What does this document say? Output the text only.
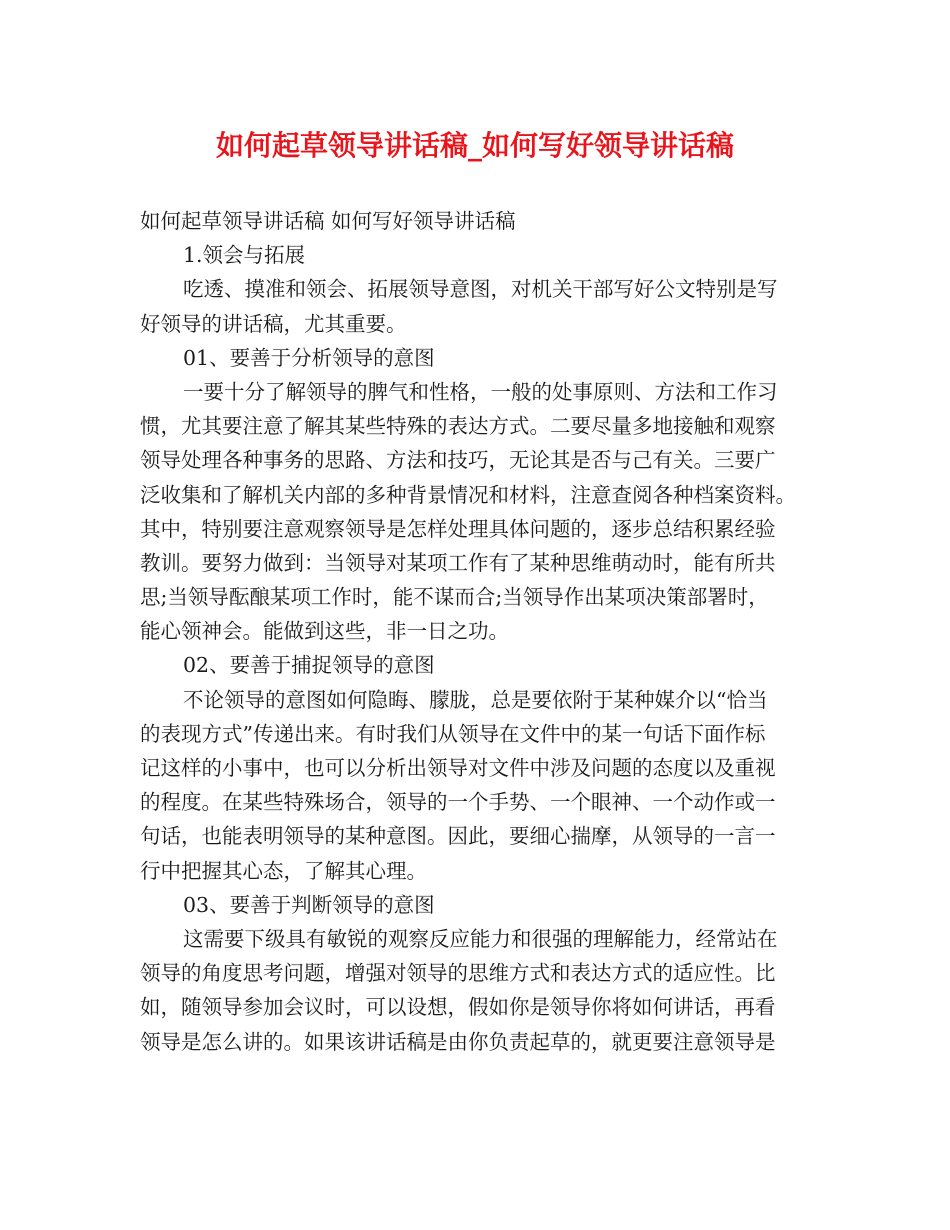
如何起草领导讲话稿_如何写好领导讲话稿
如何起草领导讲话稿 如何写好领导讲话稿
1.领会与拓展
吃透、摸准和领会、拓展领导意图，对机关干部写好公文特别是写
好领导的讲话稿，尤其重要。
01、要善于分析领导的意图
一要十分了解领导的脾气和性格，一般的处事原则、方法和工作习
惯，尤其要注意了解其某些特殊的表达方式。二要尽量多地接触和观察
领导处理各种事务的思路、方法和技巧，无论其是否与己有关。三要广
泛收集和了解机关内部的多种背景情况和材料，注意查阅各种档案资料。
其中，特别要注意观察领导是怎样处理具体问题的，逐步总结积累经验
教训。要努力做到：当领导对某项工作有了某种思维萌动时，能有所共
思;当领导酝酿某项工作时，能不谋而合;当领导作出某项决策部署时，
能心领神会。能做到这些，非一日之功。
02、要善于捕捉领导的意图
不论领导的意图如何隐晦、朦胧，总是要依附于某种媒介以“恰当
的表现方式”传递出来。有时我们从领导在文件中的某一句话下面作标
记这样的小事中，也可以分析出领导对文件中涉及问题的态度以及重视
的程度。在某些特殊场合，领导的一个手势、一个眼神、一个动作或一
句话，也能表明领导的某种意图。因此，要细心揣摩，从领导的一言一
行中把握其心态，了解其心理。
03、要善于判断领导的意图
这需要下级具有敏锐的观察反应能力和很强的理解能力，经常站在
领导的角度思考问题，增强对领导的思维方式和表达方式的适应性。比
如，随领导参加会议时，可以设想，假如你是领导你将如何讲话，再看
领导是怎么讲的。如果该讲话稿是由你负责起草的，就更要注意领导是
